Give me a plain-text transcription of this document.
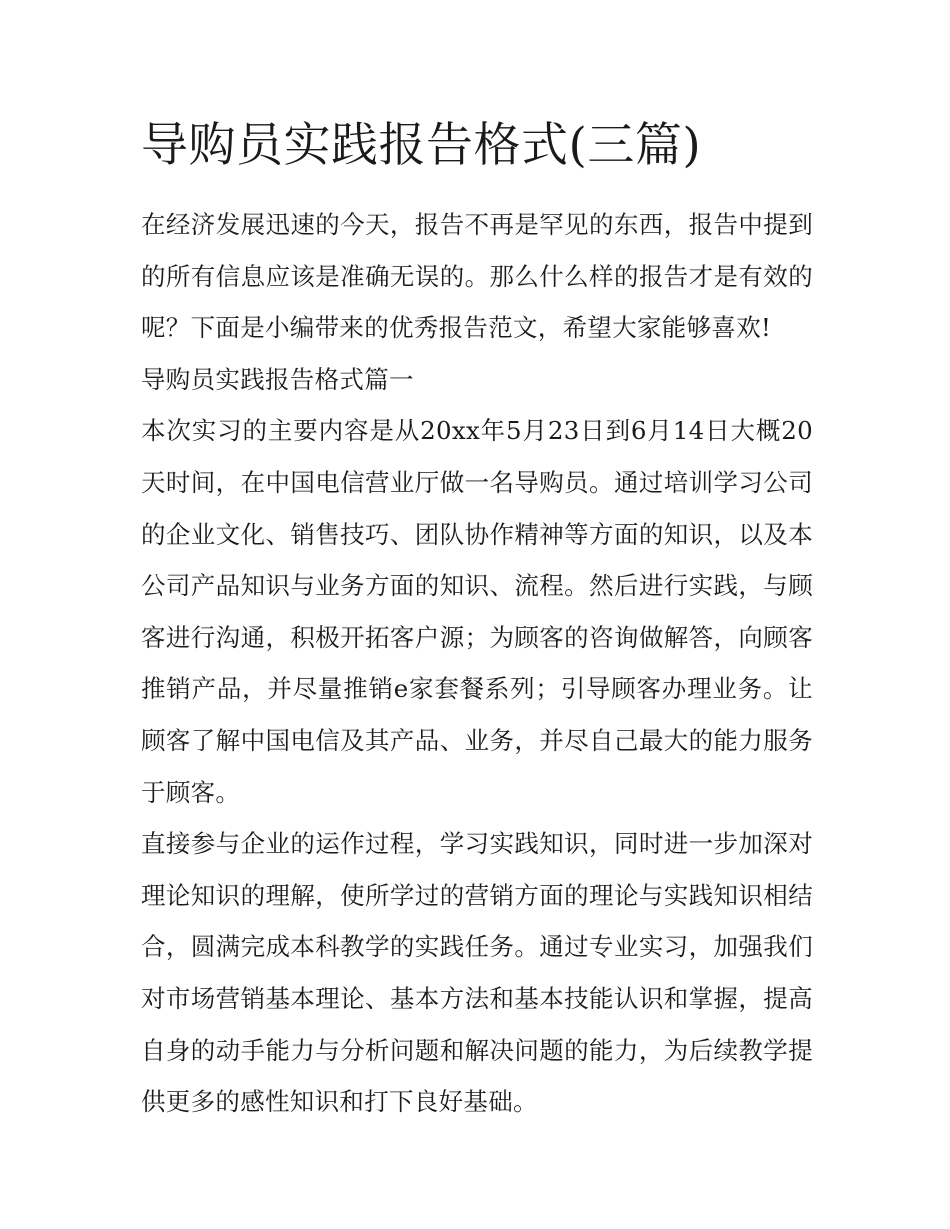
导购员实践报告格式(三篇)

在经济发展迅速的今天，报告不再是罕见的东西，报告中提到的所有信息应该是准确无误的。那么什么样的报告才是有效的呢？下面是小编带来的优秀报告范文，希望大家能够喜欢!

导购员实践报告格式篇一

本次实习的主要内容是从20xx年5月23日到6月14日大概20天时间，在中国电信营业厅做一名导购员。通过培训学习公司的企业文化、销售技巧、团队协作精神等方面的知识，以及本公司产品知识与业务方面的知识、流程。然后进行实践，与顾客进行沟通，积极开拓客户源；为顾客的咨询做解答，向顾客推销产品，并尽量推销e家套餐系列；引导顾客办理业务。让顾客了解中国电信及其产品、业务，并尽自己最大的能力服务于顾客。

直接参与企业的运作过程，学习实践知识，同时进一步加深对理论知识的理解，使所学过的营销方面的理论与实践知识相结合，圆满完成本科教学的实践任务。通过专业实习，加强我们对市场营销基本理论、基本方法和基本技能认识和掌握，提高自身的动手能力与分析问题和解决问题的能力，为后续教学提供更多的感性知识和打下良好基础。
